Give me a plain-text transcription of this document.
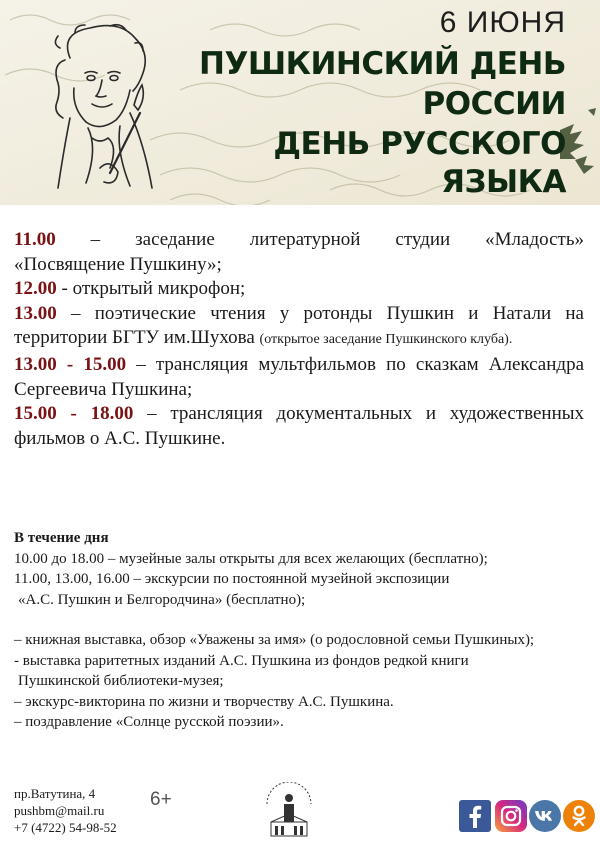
6 ИЮНЯ
ПУШКИНСКИЙ ДЕНЬ
РОССИИ
ДЕНЬ РУССКОГО
ЯЗЫКА

11.00 – заседание литературной студии «Младость»
«Посвящение Пушкину»;

12.00 - открытый микрофон;

13.00 – поэтические чтения у ротонды Пушкин и Натали на
территории БГТУ им.Шухова (открытое заседание Пушкинского клуба).

13.00 - 15.00 – трансляция мультфильмов по сказкам Александра
Сергеевича Пушкина;

15.00 - 18.00 – трансляция документальных и художественных
фильмов о А.С. Пушкине.

В течение дня
10.00 до 18.00 – музейные залы открыты для всех желающих (бесплатно);
11.00, 13.00, 16.00 – экскурсии по постоянной музейной экспозиции
«А.С. Пушкин и Белгородчина» (бесплатно);
– книжная выставка, обзор «Уважены за имя» (о родословной семьи Пушкиных);
- выставка раритетных изданий А.С. Пушкина из фондов редкой книги
Пушкинской библиотеки-музея;
– экскурс-викторина по жизни и творчеству А.С. Пушкина.
– поздравление «Солнце русской поэзии».
пр.Ватутина, 4
pushbm@mail.ru
+7 (4722) 54-98-52
6+
